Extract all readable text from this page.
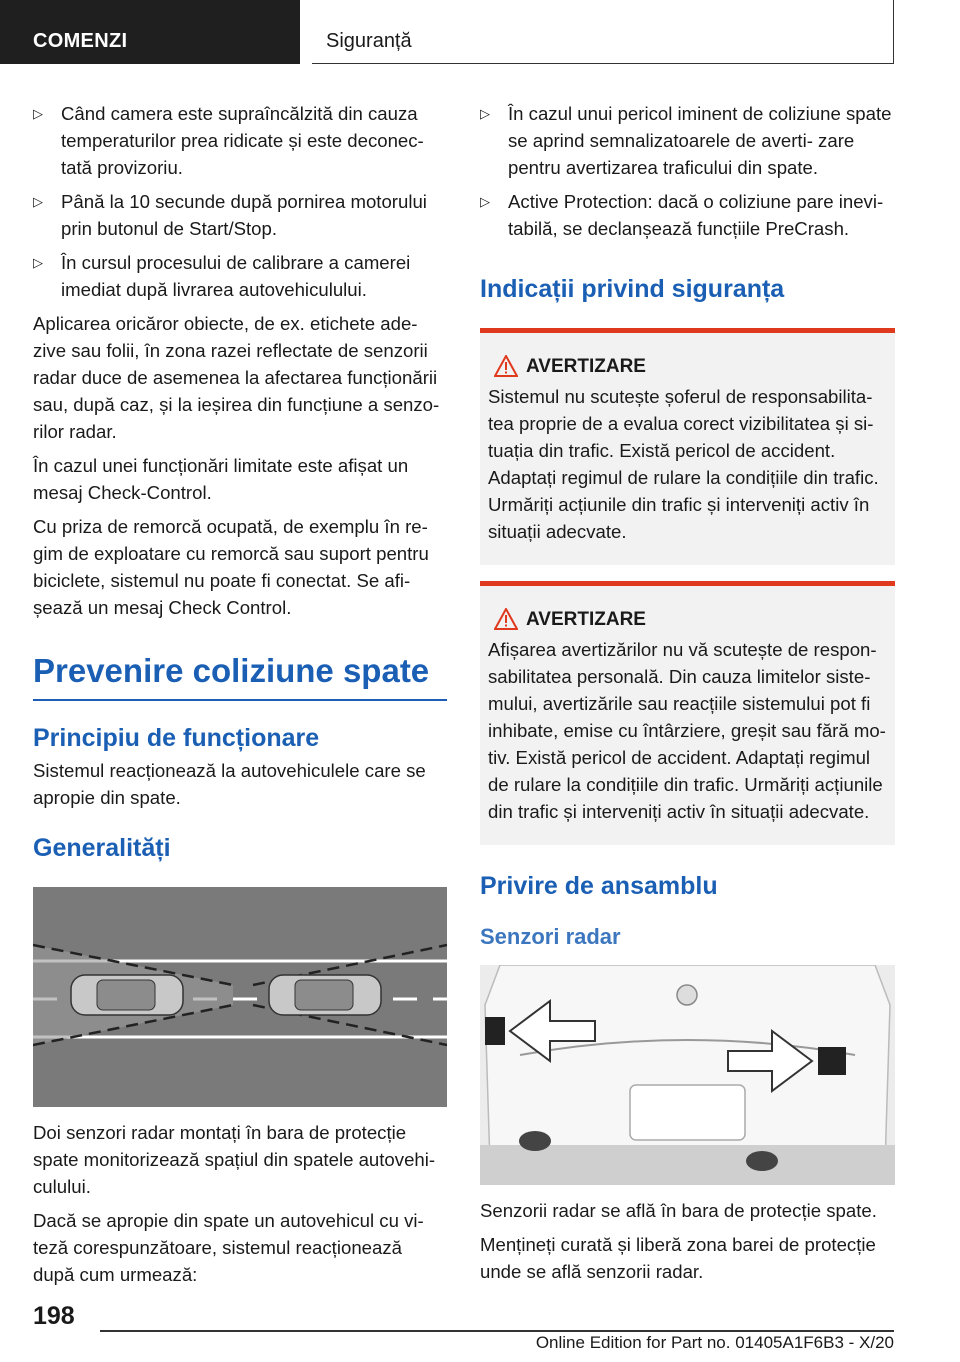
COMENZI	Siguranță

▷ Când camera este supraîncălzită din cauza temperaturilor prea ridicate și este deconec- tată provizoriu.

▷ Până la 10 secunde după pornirea motorului prin butonul de Start/Stop.

▷ În cursul procesului de calibrare a camerei imediat după livrarea autovehiculului.

Aplicarea oricăror obiecte, de ex. etichete ade- zive sau folii, în zona razei reflectate de senzorii radar duce de asemenea la afectarea funcționării sau, după caz, și la ieșirea din funcțiune a senzo- rilor radar.

În cazul unei funcționări limitate este afișat un mesaj Check-Control.

Cu priza de remorcă ocupată, de exemplu în re- gim de exploatare cu remorcă sau suport pentru biciclete, sistemul nu poate fi conectat. Se afi- șează un mesaj Check Control.

Prevenire coliziune spate
Principiu de funcționare

Sistemul reacționează la autovehiculele care se apropie din spate.

Generalități

Doi senzori radar montați în bara de protecție spate monitorizează spațiul din spatele autovehi- culului.

Dacă se apropie din spate un autovehicul cu vi- teză corespunzătoare, sistemul reacționează după cum urmează:

▷ În cazul unui pericol iminent de coliziune spate se aprind semnalizatoarele de averti- zare pentru avertizarea traficului din spate.

▷ Active Protection: dacă o coliziune pare inevi- tabilă, se declanșează funcțiile PreCrash.

Indicații privind siguranța
AVERTIZARE

Sistemul nu scutește șoferul de responsabilita- tea proprie de a evalua corect vizibilitatea și si- tuația din trafic. Există pericol de accident. Adaptați regimul de rulare la condițiile din trafic. Urmăriți acțiunile din trafic și interveniți activ în situații adecvate.

AVERTIZARE

Afișarea avertizărilor nu vă scutește de respon- sabilitatea personală. Din cauza limitelor siste- mului, avertizările sau reacțiile sistemului pot fi inhibate, emise cu întârziere, greșit sau fără mo- tiv. Există pericol de accident. Adaptați regimul de rulare la condițiile din trafic. Urmăriți acțiunile din trafic și interveniți activ în situații adecvate.

Privire de ansamblu
Senzori radar

Senzorii radar se află în bara de protecție spate.

Mențineți curată și liberă zona barei de protecție unde se află senzorii radar.

198
Online Edition for Part no. 01405A1F6B3 - X/20
